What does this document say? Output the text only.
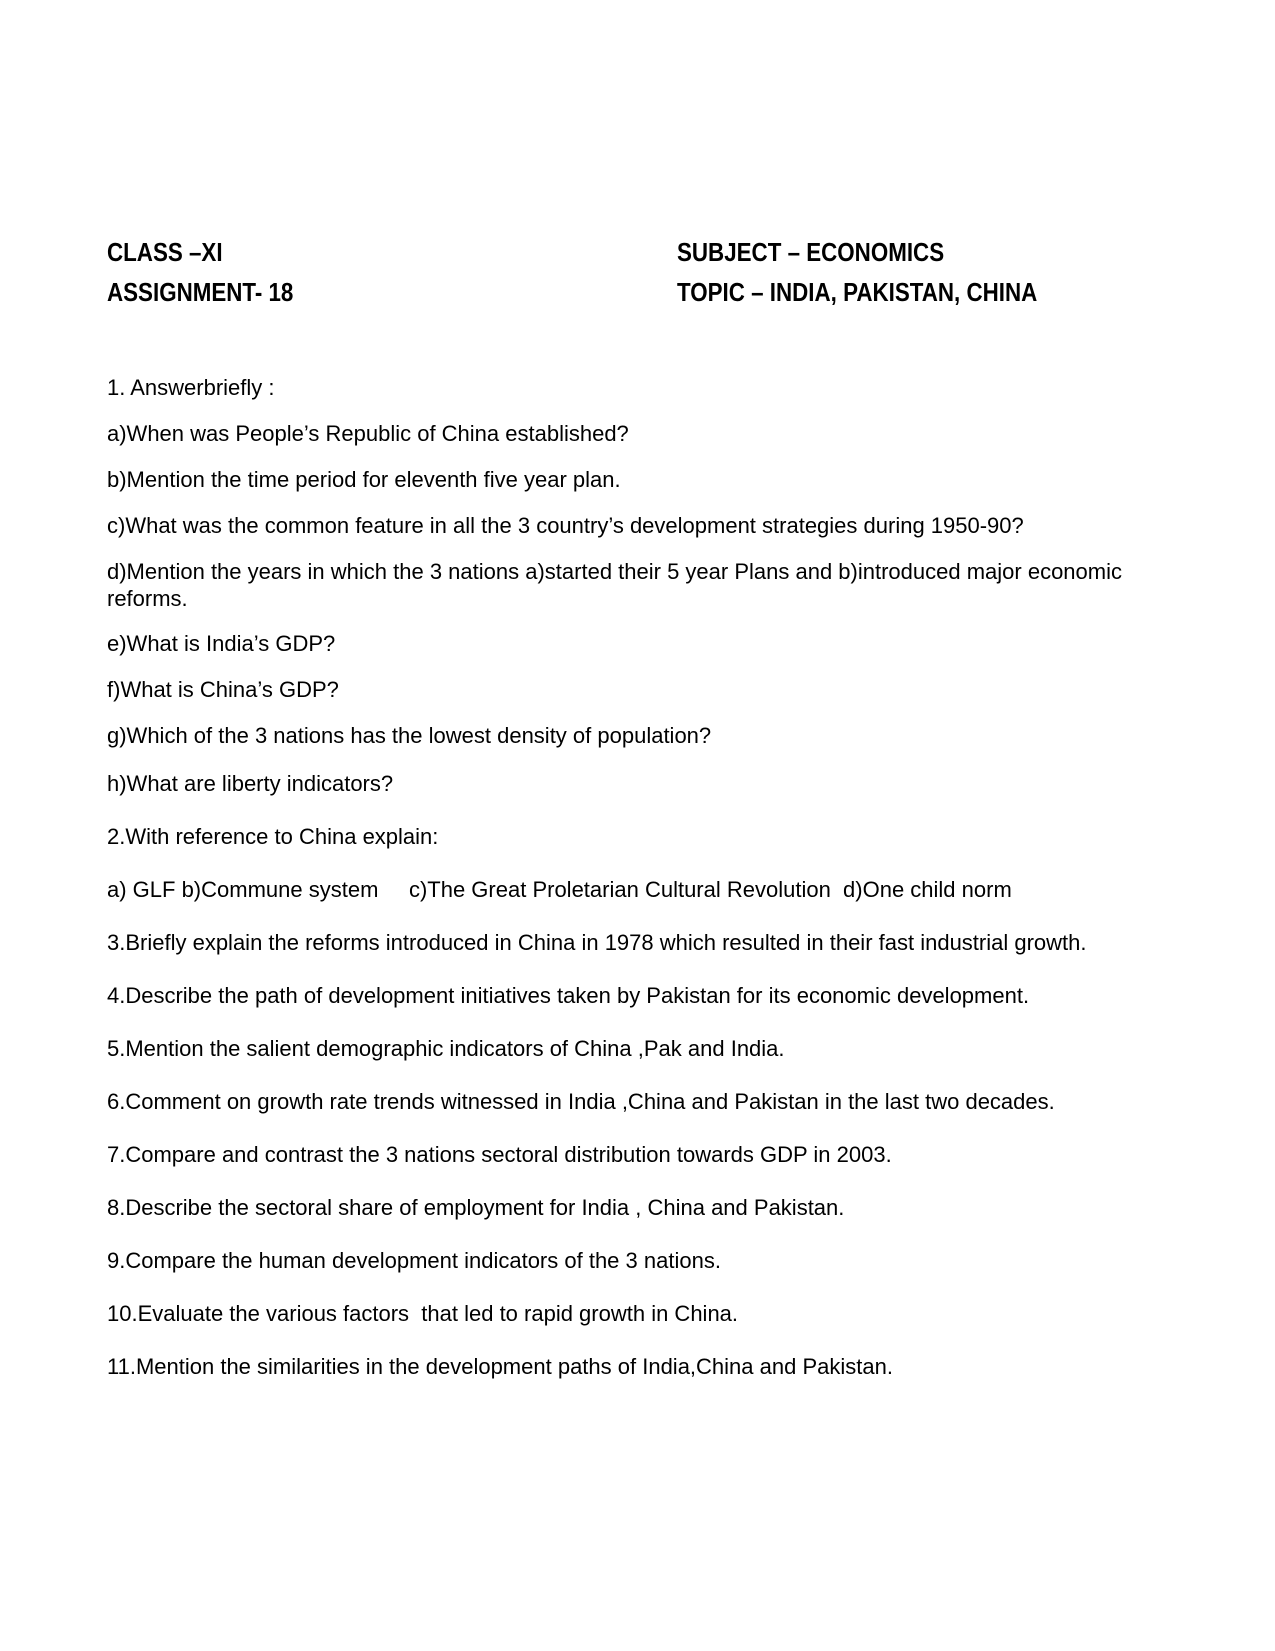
CLASS –XI
ASSIGNMENT- 18
SUBJECT – ECONOMICS
TOPIC – INDIA, PAKISTAN, CHINA
1. Answerbriefly :
a)When was People’s Republic of China established?
b)Mention the time period for eleventh five year plan.
c)What was the common feature in all the 3 country’s development strategies during 1950-90?
d)Mention the years in which the 3 nations a)started their 5 year Plans and b)introduced major economic reforms.
e)What is India’s GDP?
f)What is China’s GDP?
g)Which of the 3 nations has the lowest density of population?
h)What are liberty indicators?
2.With reference to China explain:
a) GLF b)Commune system     c)The Great Proletarian Cultural Revolution  d)One child norm
3.Briefly explain the reforms introduced in China in 1978 which resulted in their fast industrial growth.
4.Describe the path of development initiatives taken by Pakistan for its economic development.
5.Mention the salient demographic indicators of China ,Pak and India.
6.Comment on growth rate trends witnessed in India ,China and Pakistan in the last two decades.
7.Compare and contrast the 3 nations sectoral distribution towards GDP in 2003.
8.Describe the sectoral share of employment for India , China and Pakistan.
9.Compare the human development indicators of the 3 nations.
10.Evaluate the various factors  that led to rapid growth in China.
11.Mention the similarities in the development paths of India,China and Pakistan.
